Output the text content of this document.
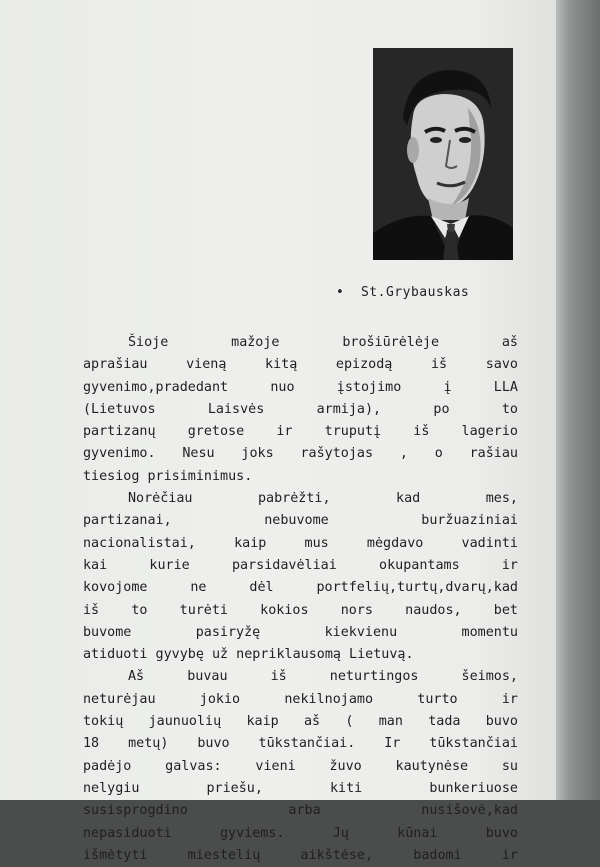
•  St.Grybauskas
Šioje mažoje brošiūrėlėje aš
aprašiau vieną kitą epizodą iš savo
gyvenimo,pradedant nuo įstojimo į LLA
(Lietuvos Laisvės armija), po to
partizanų gretose ir truputį iš lagerio
gyvenimo. Nesu joks rašytojas , o rašiau
tiesiog prisiminimus.
Norėčiau pabrėžti, kad mes,
partizanai, nebuvome buržuaziniai
nacionalistai, kaip mus mėgdavo vadinti
kai kurie parsidavėliai okupantams ir
kovojome ne dėl portfelių,turtų,dvarų,kad
iš to turėti kokios nors naudos, bet
buvome pasiryžę kiekvienu momentu
atiduoti gyvybę už nepriklausomą Lietuvą.
Aš buvau iš neturtingos šeimos,
neturėjau jokio nekilnojamo turto ir
tokių jaunuolių kaip aš ( man tada buvo
18 metų) buvo tūkstančiai. Ir tūkstančiai
padėjo galvas: vieni žuvo kautynėse su
nelygiu priešu, kiti bunkeriuose
susisprogdino arba nusišovė,kad
nepasiduoti gyviems. Jų kūnai buvo
išmėtyti miestelių aikštėse, badomi ir
